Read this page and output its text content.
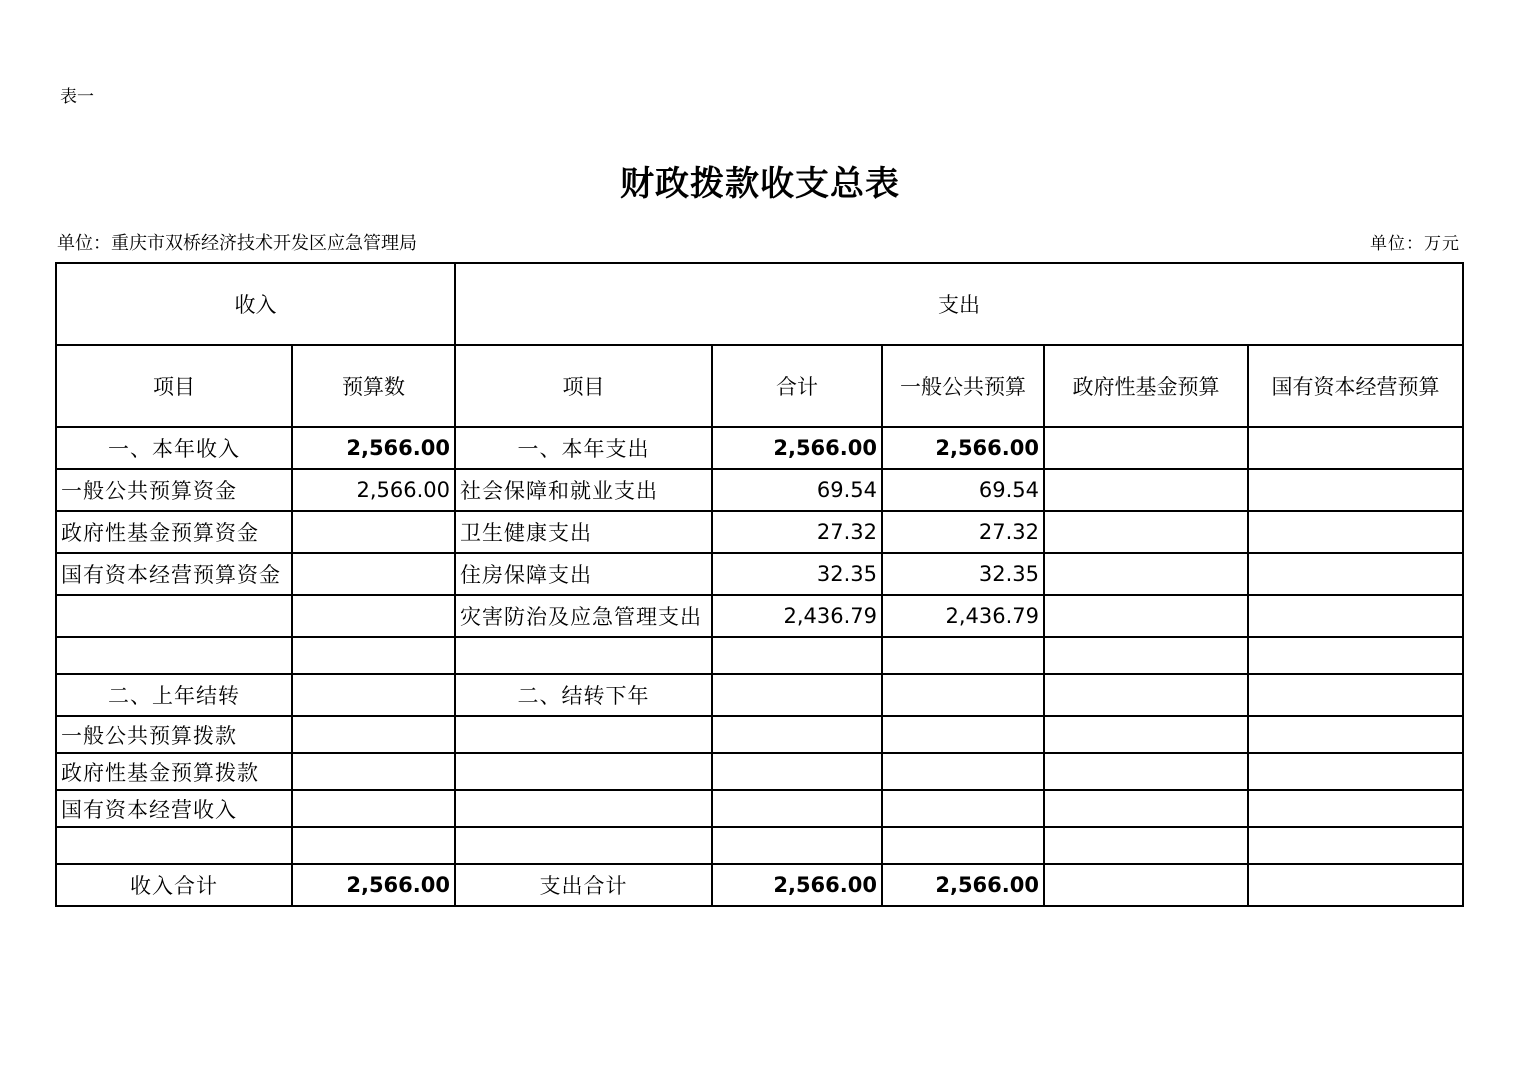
表一
财政拨款收支总表
单位：重庆市双桥经济技术开发区应急管理局	单位：万元
收入		支出				
项目	预算数	项目	合计	一般公共预算	政府性基金预算	国有资本经营预算
一、本年收入	2,566.00	一、本年支出	2,566.00	2,566.00		
一般公共预算资金	2,566.00	社会保障和就业支出	69.54	69.54		
政府性基金预算资金		卫生健康支出	27.32	27.32		
国有资本经营预算资金		住房保障支出	32.35	32.35		
		灾害防治及应急管理支出	2,436.79	2,436.79		

二、上年结转		二、结转下年				
一般公共预算拨款						
政府性基金预算拨款						
国有资本经营收入						

收入合计	2,566.00	支出合计	2,566.00	2,566.00		
